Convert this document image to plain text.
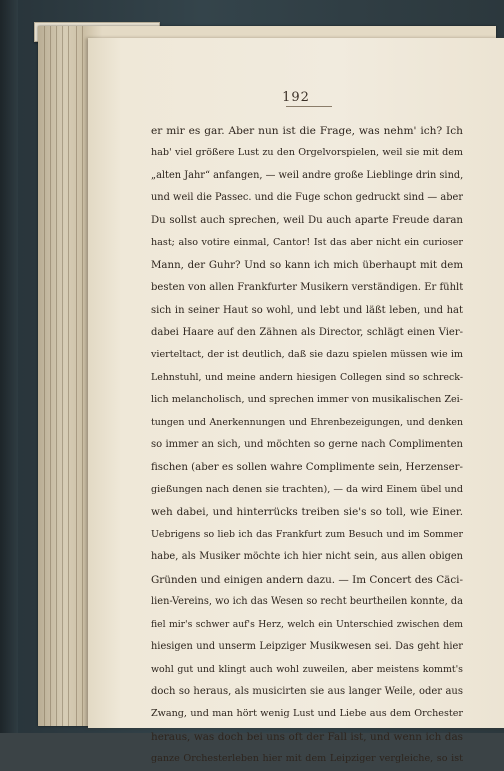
192
er mir es gar. Aber nun ist die Frage, was nehm' ich? Ich
hab' viel größere Lust zu den Orgelvorspielen, weil sie mit dem
„alten Jahr“ anfangen, — weil andre große Lieblinge drin sind,
und weil die Passec. und die Fuge schon gedruckt sind — aber
Du sollst auch sprechen, weil Du auch aparte Freude daran
hast; also votire einmal, Cantor! Ist das aber nicht ein curioser
Mann, der Guhr? Und so kann ich mich überhaupt mit dem
besten von allen Frankfurter Musikern verständigen. Er fühlt
sich in seiner Haut so wohl, und lebt und läßt leben, und hat
dabei Haare auf den Zähnen als Director, schlägt einen Vier-
vierteltact, der ist deutlich, daß sie dazu spielen müssen wie im
Lehnstuhl, und meine andern hiesigen Collegen sind so schreck-
lich melancholisch, und sprechen immer von musikalischen Zei-
tungen und Anerkennungen und Ehrenbezeigungen, und denken
so immer an sich, und möchten so gerne nach Complimenten
fischen (aber es sollen wahre Complimente sein, Herzenser-
gießungen nach denen sie trachten), — da wird Einem übel und
weh dabei, und hinterrücks treiben sie's so toll, wie Einer.
Uebrigens so lieb ich das Frankfurt zum Besuch und im Sommer
habe, als Musiker möchte ich hier nicht sein, aus allen obigen
Gründen und einigen andern dazu. — Im Concert des Cäci-
lien-Vereins, wo ich das Wesen so recht beurtheilen konnte, da
fiel mir's schwer auf's Herz, welch ein Unterschied zwischen dem
hiesigen und unserm Leipziger Musikwesen sei. Das geht hier
wohl gut und klingt auch wohl zuweilen, aber meistens kommt's
doch so heraus, als musicirten sie aus langer Weile, oder aus
Zwang, und man hört wenig Lust und Liebe aus dem Orchester
heraus, was doch bei uns oft der Fall ist, und wenn ich das
ganze Orchesterleben hier mit dem Leipziger vergleiche, so ist
